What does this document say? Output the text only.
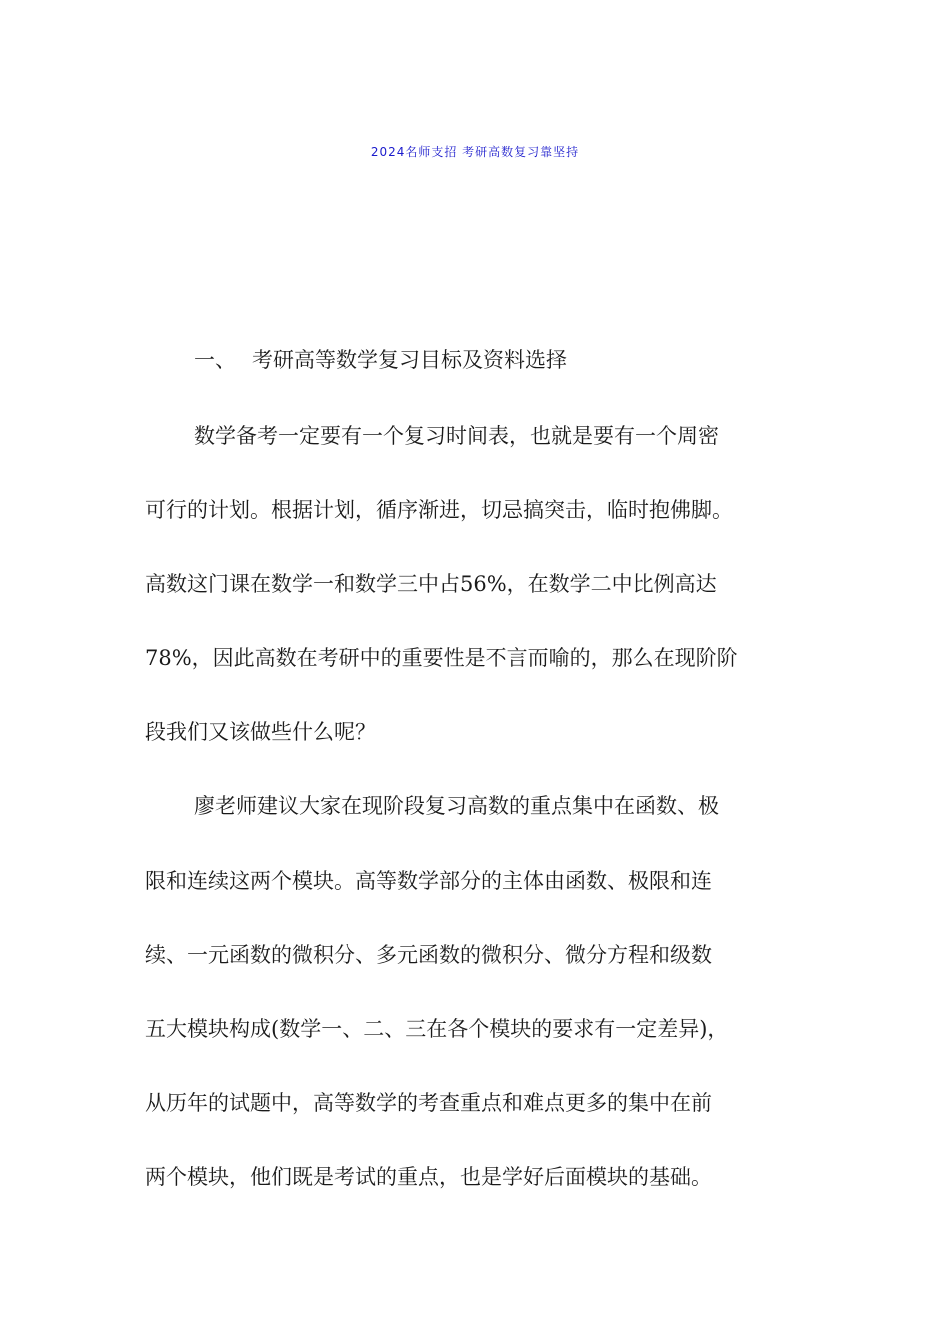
2024名师支招 考研高数复习靠坚持
一、 考研高等数学复习目标及资料选择
数学备考一定要有一个复习时间表，也就是要有一个周密
可行的计划。根据计划，循序渐进，切忌搞突击，临时抱佛脚。
高数这门课在数学一和数学三中占56%，在数学二中比例高达
78%，因此高数在考研中的重要性是不言而喻的，那么在现阶阶
段我们又该做些什么呢？
廖老师建议大家在现阶段复习高数的重点集中在函数、极
限和连续这两个模块。高等数学部分的主体由函数、极限和连
续、一元函数的微积分、多元函数的微积分、微分方程和级数
五大模块构成(数学一、二、三在各个模块的要求有一定差异)，
从历年的试题中，高等数学的考查重点和难点更多的集中在前
两个模块，他们既是考试的重点，也是学好后面模块的基础。
